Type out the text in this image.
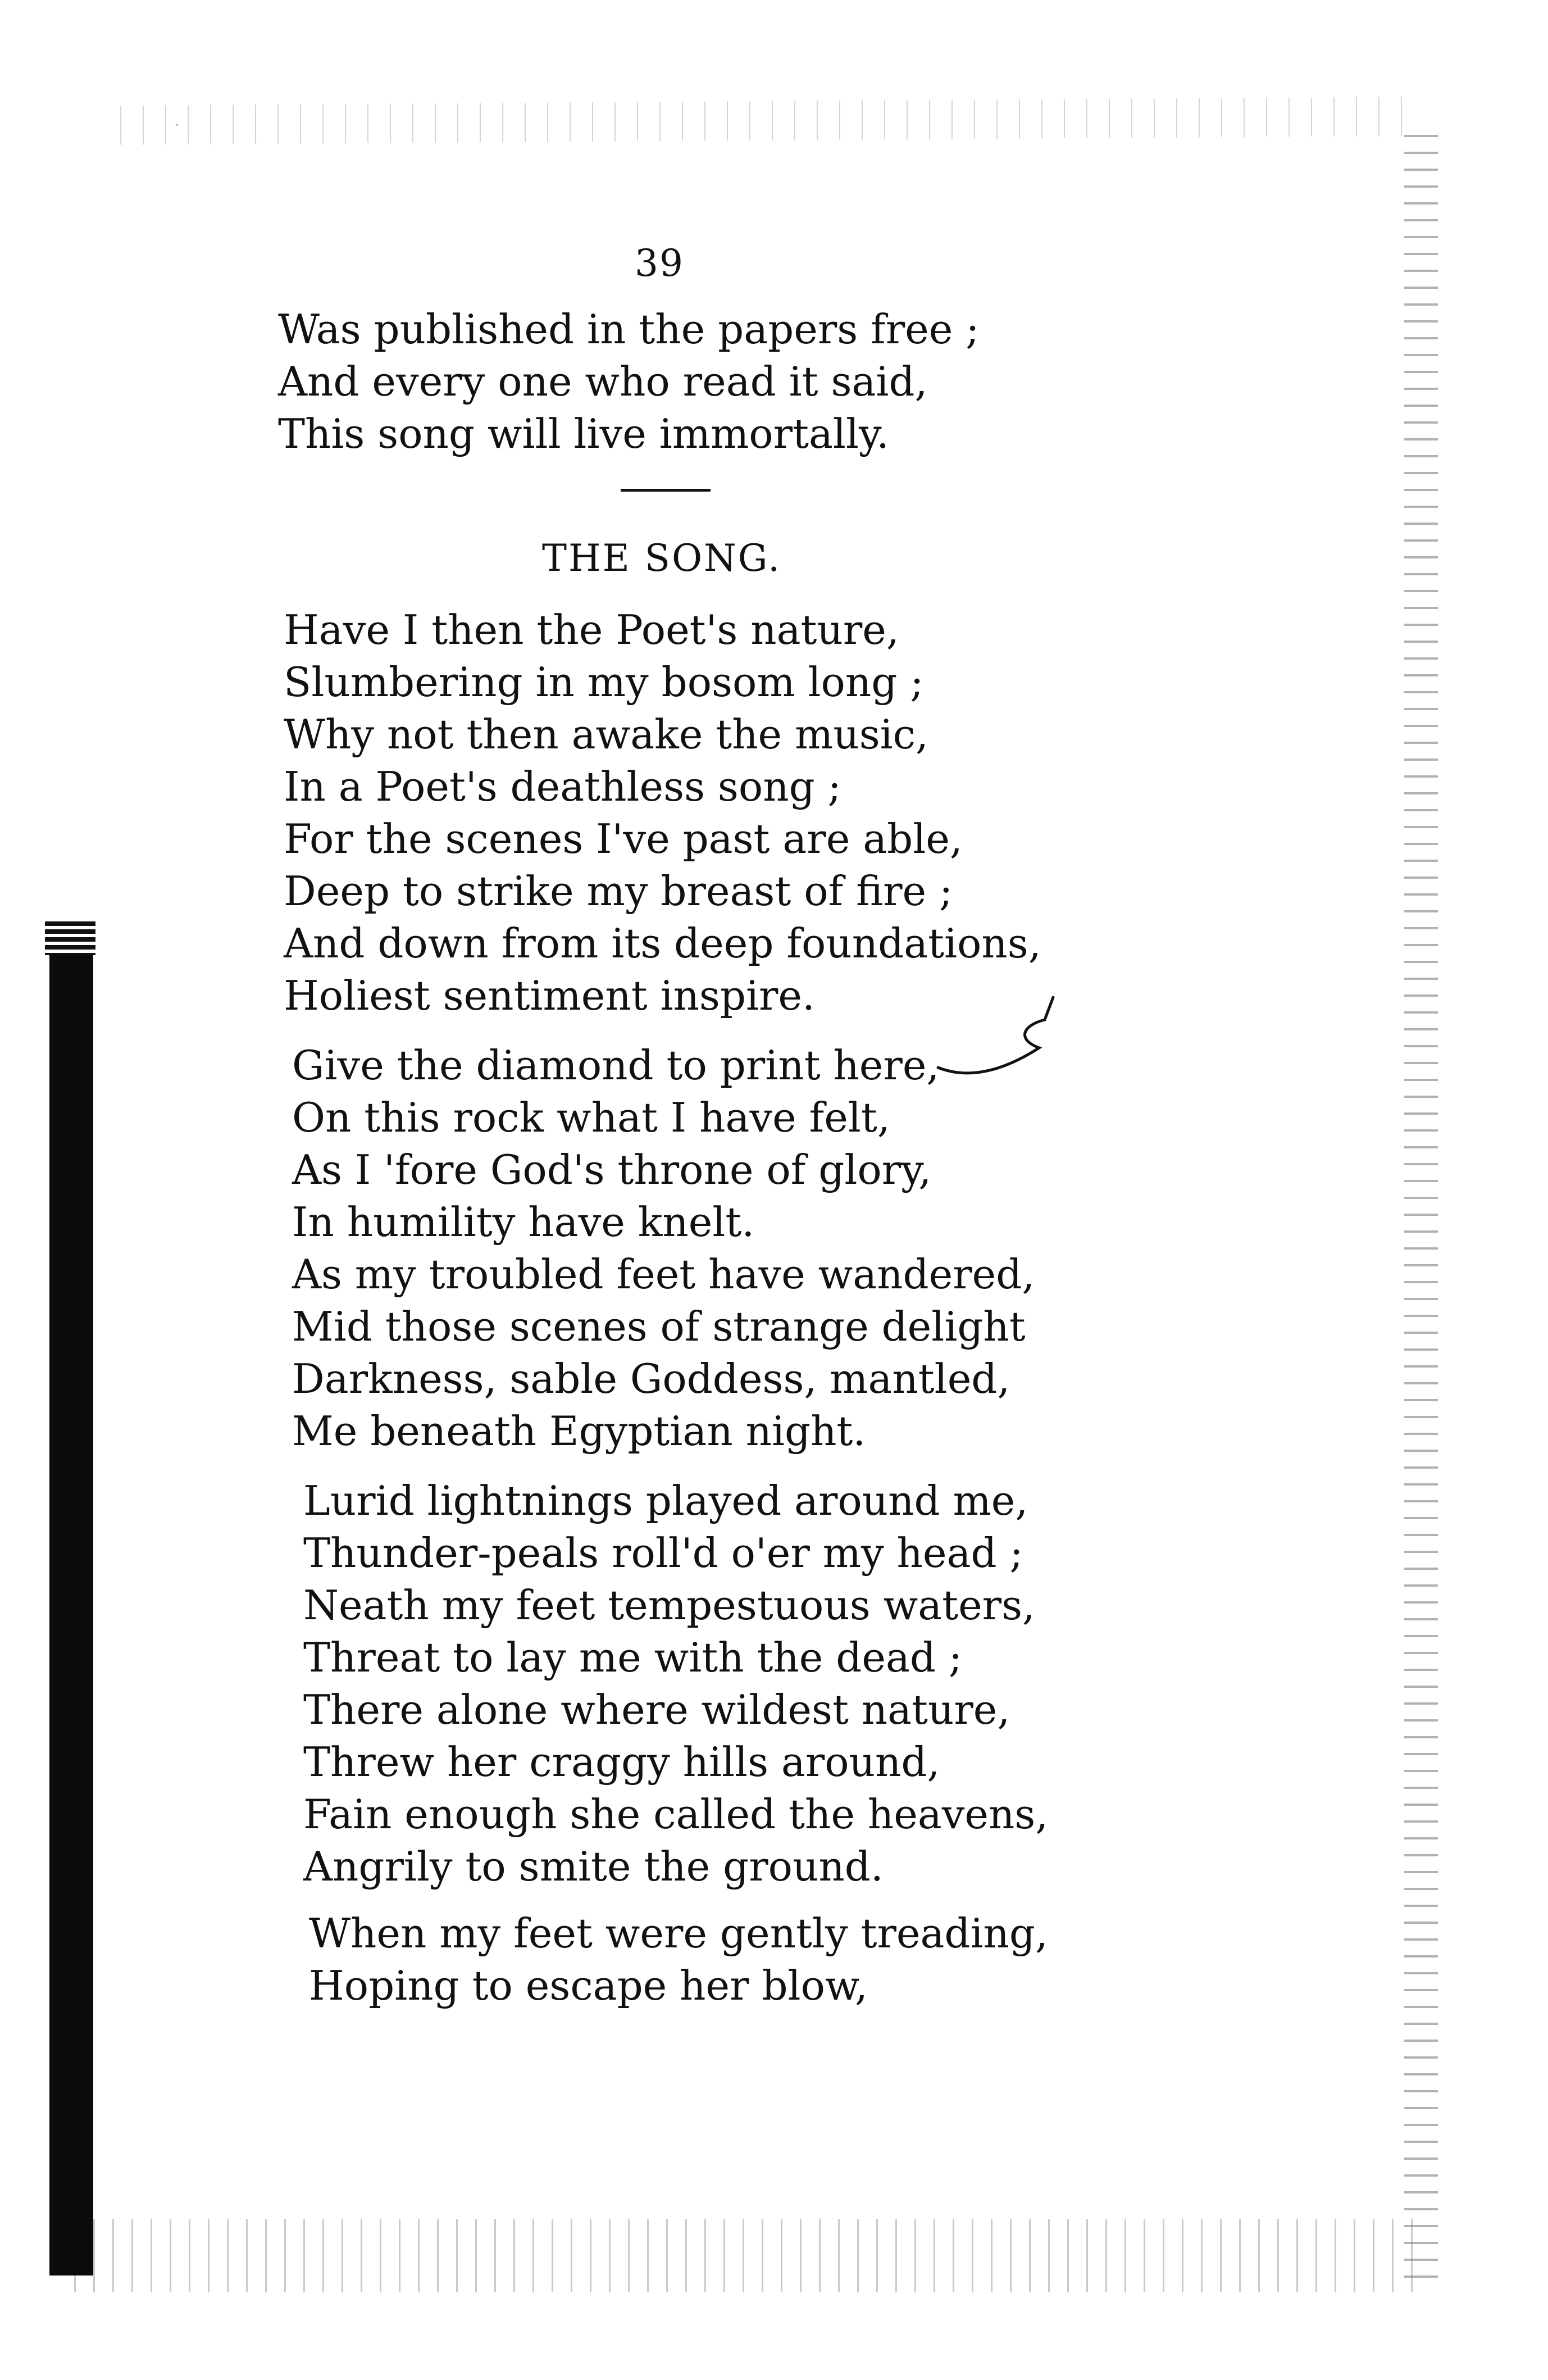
39
Was published in the papers free ;
And every one who read it said,
This song will live immortally.
THE SONG.
Have I then the Poet's nature,
Slumbering in my bosom long ;
Why not then awake the music,
In a Poet's deathless song ;
For the scenes I've past are able,
Deep to strike my breast of fire ;
And down from its deep foundations,
Holiest sentiment inspire.
Give the diamond to print here,
On this rock what I have felt,
As I 'fore God's throne of glory,
In humility have knelt.
As my troubled feet have wandered,
Mid those scenes of strange delight
Darkness, sable Goddess, mantled,
Me beneath Egyptian night.
Lurid lightnings played around me,
Thunder-peals roll'd o'er my head ;
Neath my feet tempestuous waters,
Threat to lay me with the dead ;
There alone where wildest nature,
Threw her craggy hills around,
Fain enough she called the heavens,
Angrily to smite the ground.
When my feet were gently treading,
Hoping to escape her blow,
